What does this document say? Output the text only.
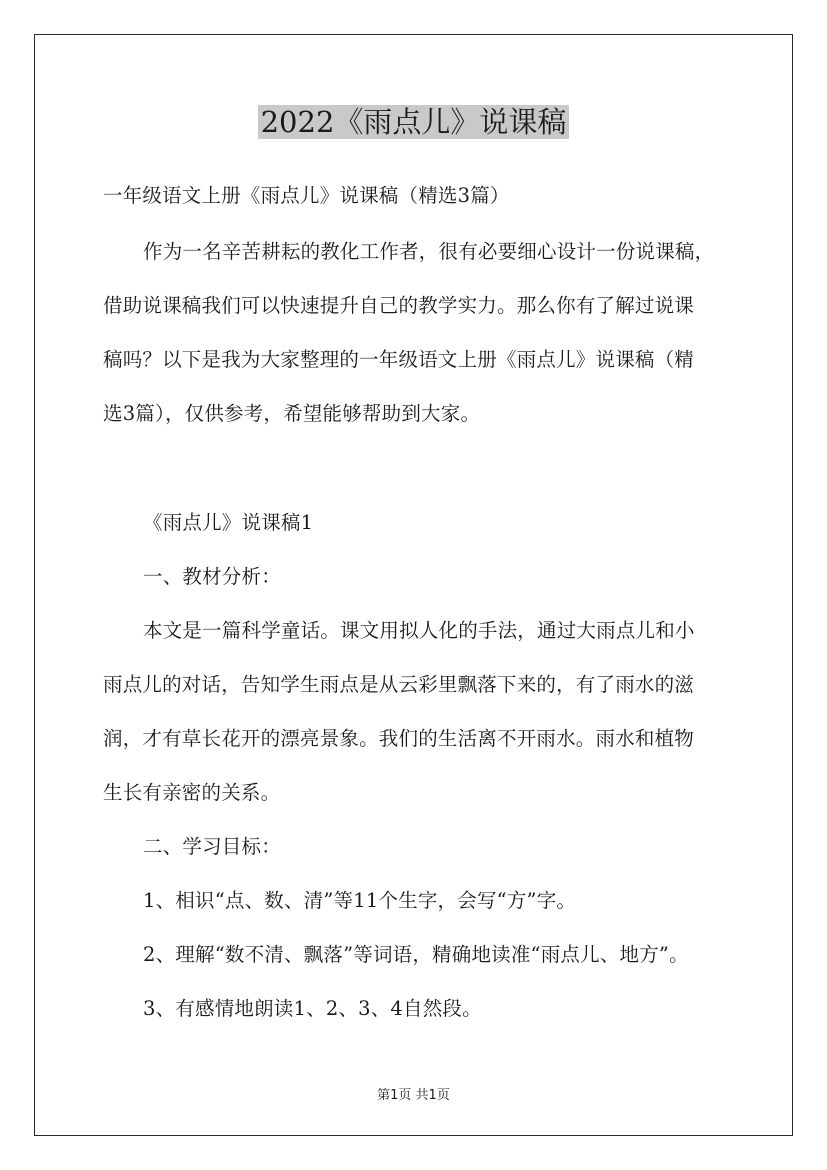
2022《雨点儿》说课稿
一年级语文上册《雨点儿》说课稿（精选3篇）
作为一名辛苦耕耘的教化工作者，很有必要细心设计一份说课稿，
借助说课稿我们可以快速提升自己的教学实力。那么你有了解过说课
稿吗？以下是我为大家整理的一年级语文上册《雨点儿》说课稿（精
选3篇），仅供参考，希望能够帮助到大家。
《雨点儿》说课稿1
一、教材分析：
本文是一篇科学童话。课文用拟人化的手法，通过大雨点儿和小
雨点儿的对话，告知学生雨点是从云彩里飘落下来的，有了雨水的滋
润，才有草长花开的漂亮景象。我们的生活离不开雨水。雨水和植物
生长有亲密的关系。
二、学习目标：
1、相识“点、数、清”等11个生字，会写“方”字。
2、理解“数不清、飘落”等词语，精确地读准“雨点儿、地方”。
3、有感情地朗读1、2、3、4自然段。
第1页 共1页
